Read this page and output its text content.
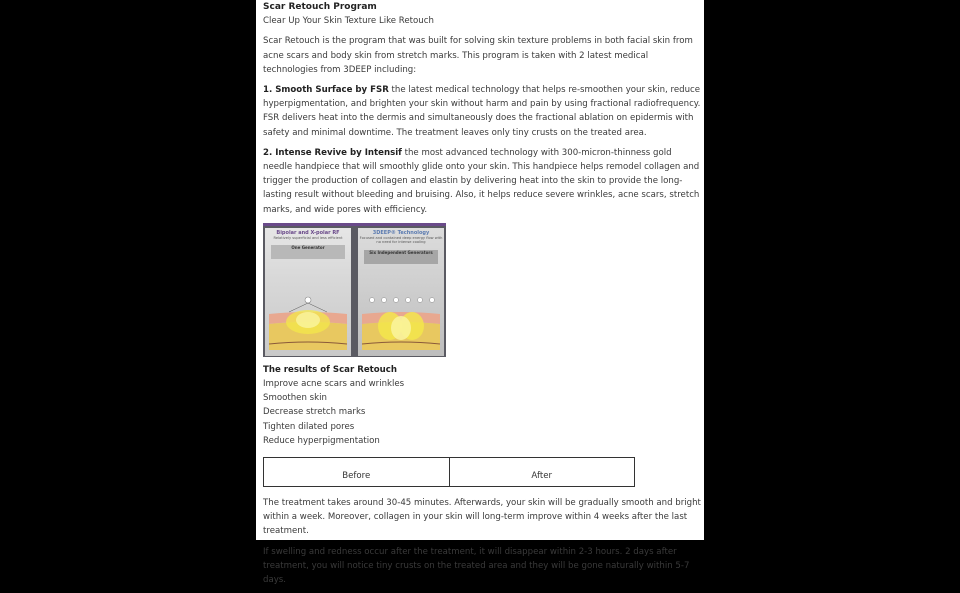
Scar Retouch Program

Clear Up Your Skin Texture Like Retouch

Scar Retouch is the program that was built for solving skin texture problems in both facial skin from acne scars and body skin from stretch marks. This program is taken with 2 latest medical technologies from 3DEEP including:

1. Smooth Surface by FSR the latest medical technology that helps re-smoothen your skin, reduce hyperpigmentation, and brighten your skin without harm and pain by using fractional radiofrequency. FSR delivers heat into the dermis and simultaneously does the fractional ablation on epidermis with safety and minimal downtime. The treatment leaves only tiny crusts on the treated area.

2. Intense Revive by Intensif the most advanced technology with 300-micron-thinness gold needle handpiece that will smoothly glide onto your skin. This handpiece helps remodel collagen and trigger the production of collagen and elastin by delivering heat into the skin to provide the long-lasting result without bleeding and bruising. Also, it helps reduce severe wrinkles, acne scars, stretch marks, and wide pores with efficiency.

Bipolar and X-polar RF
Relatively superficial and less efficient
One Generator
3DEEP® Technology
Focused and contained deep energy flow with no need for intense cooling
Six Independent Generators

The results of Scar Retouch

Improve acne scars and wrinkles

Smoothen skin

Decrease stretch marks

Tighten dilated pores

Reduce hyperpigmentation

Before	After

The treatment takes around 30-45 minutes. Afterwards, your skin will be gradually smooth and bright within a week. Moreover, collagen in your skin will long-term improve within 4 weeks after the last treatment.

If swelling and redness occur after the treatment, it will disappear within 2-3 hours. 2 days after treatment, you will notice tiny crusts on the treated area and they will be gone naturally within 5-7 days.
